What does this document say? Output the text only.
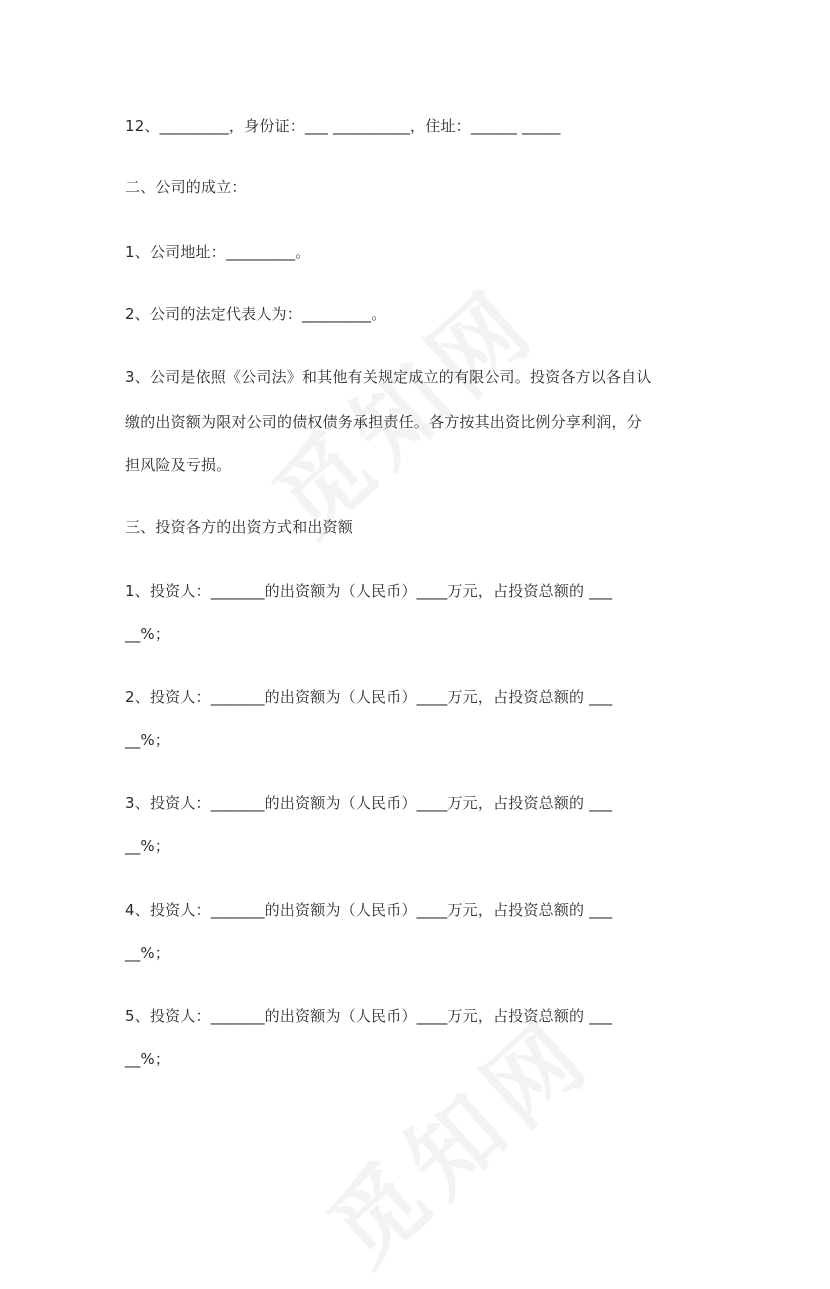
12、_________，身份证：___ __________，住址：______ _____
二、公司的成立：
1、公司地址：_________。
2、公司的法定代表人为：_________。
3、公司是依照《公司法》和其他有关规定成立的有限公司。投资各方以各自认
缴的出资额为限对公司的债权债务承担责任。各方按其出资比例分享利润，分
担风险及亏损。
三、投资各方的出资方式和出资额
1、投资人：_______的出资额为（人民币）____万元，占投资总额的 ___
__%；
2、投资人：_______的出资额为（人民币）____万元，占投资总额的 ___
__%；
3、投资人：_______的出资额为（人民币）____万元，占投资总额的 ___
__%；
4、投资人：_______的出资额为（人民币）____万元，占投资总额的 ___
__%；
5、投资人：_______的出资额为（人民币）____万元，占投资总额的 ___
__%；
